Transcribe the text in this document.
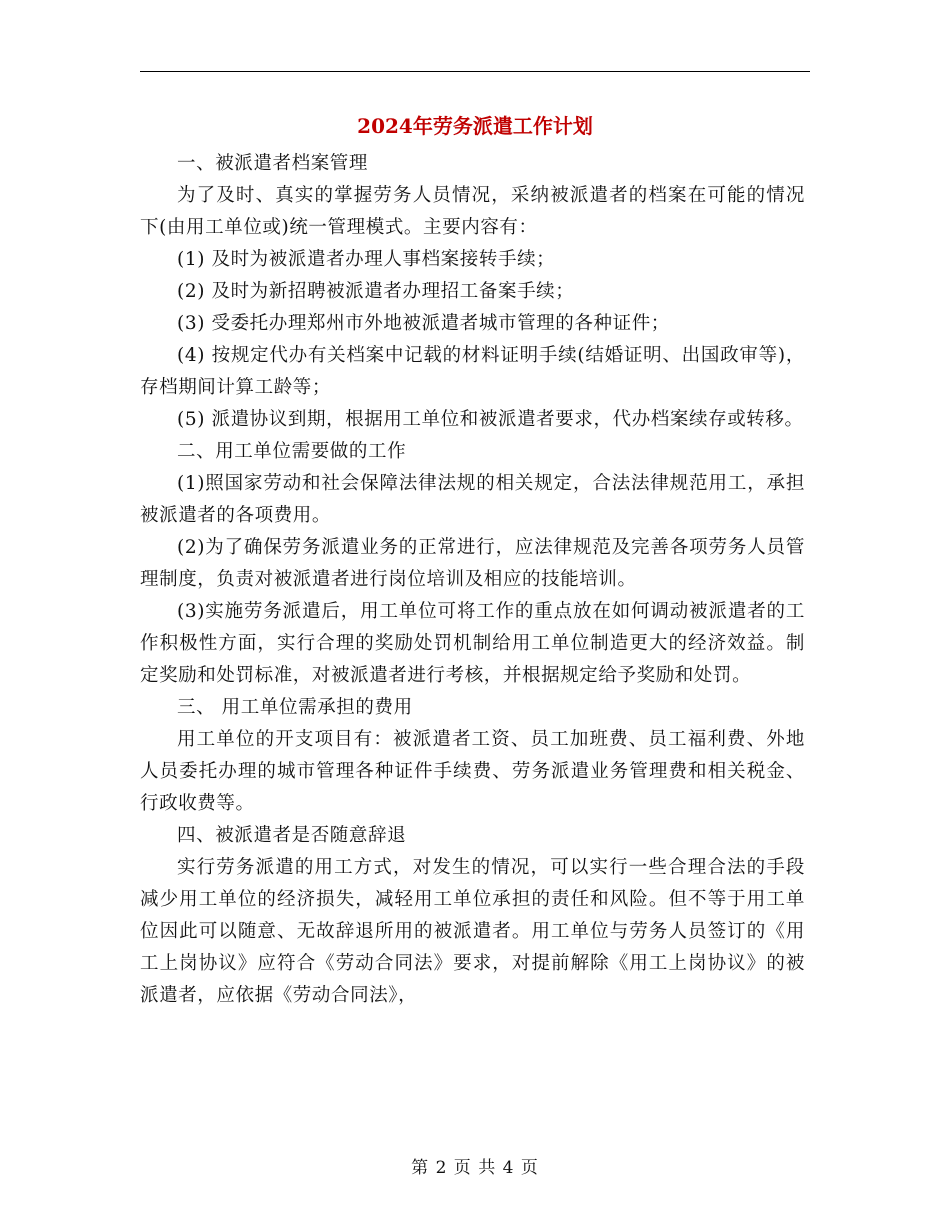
2024年劳务派遣工作计划

一、被派遣者档案管理

为了及时、真实的掌握劳务人员情况，采纳被派遣者的档案在可能的情况下(由用工单位或)统一管理模式。主要内容有：

(1) 及时为被派遣者办理人事档案接转手续；

(2) 及时为新招聘被派遣者办理招工备案手续；

(3) 受委托办理郑州市外地被派遣者城市管理的各种证件；

(4) 按规定代办有关档案中记载的材料证明手续(结婚证明、出国政审等)，存档期间计算工龄等；

(5) 派遣协议到期，根据用工单位和被派遣者要求，代办档案续存或转移。

二、用工单位需要做的工作

(1)照国家劳动和社会保障法律法规的相关规定，合法法律规范用工，承担被派遣者的各项费用。

(2)为了确保劳务派遣业务的正常进行，应法律规范及完善各项劳务人员管理制度，负责对被派遣者进行岗位培训及相应的技能培训。

(3)实施劳务派遣后，用工单位可将工作的重点放在如何调动被派遣者的工作积极性方面，实行合理的奖励处罚机制给用工单位制造更大的经济效益。制定奖励和处罚标准，对被派遣者进行考核，并根据规定给予奖励和处罚。

三、 用工单位需承担的费用

用工单位的开支项目有：被派遣者工资、员工加班费、员工福利费、外地人员委托办理的城市管理各种证件手续费、劳务派遣业务管理费和相关税金、行政收费等。

四、被派遣者是否随意辞退

实行劳务派遣的用工方式，对发生的情况，可以实行一些合理合法的手段减少用工单位的经济损失，减轻用工单位承担的责任和风险。但不等于用工单位因此可以随意、无故辞退所用的被派遣者。用工单位与劳务人员签订的《用工上岗协议》应符合《劳动合同法》要求，对提前解除《用工上岗协议》的被派遣者，应依据《劳动合同法》，

第 2 页 共 4 页
